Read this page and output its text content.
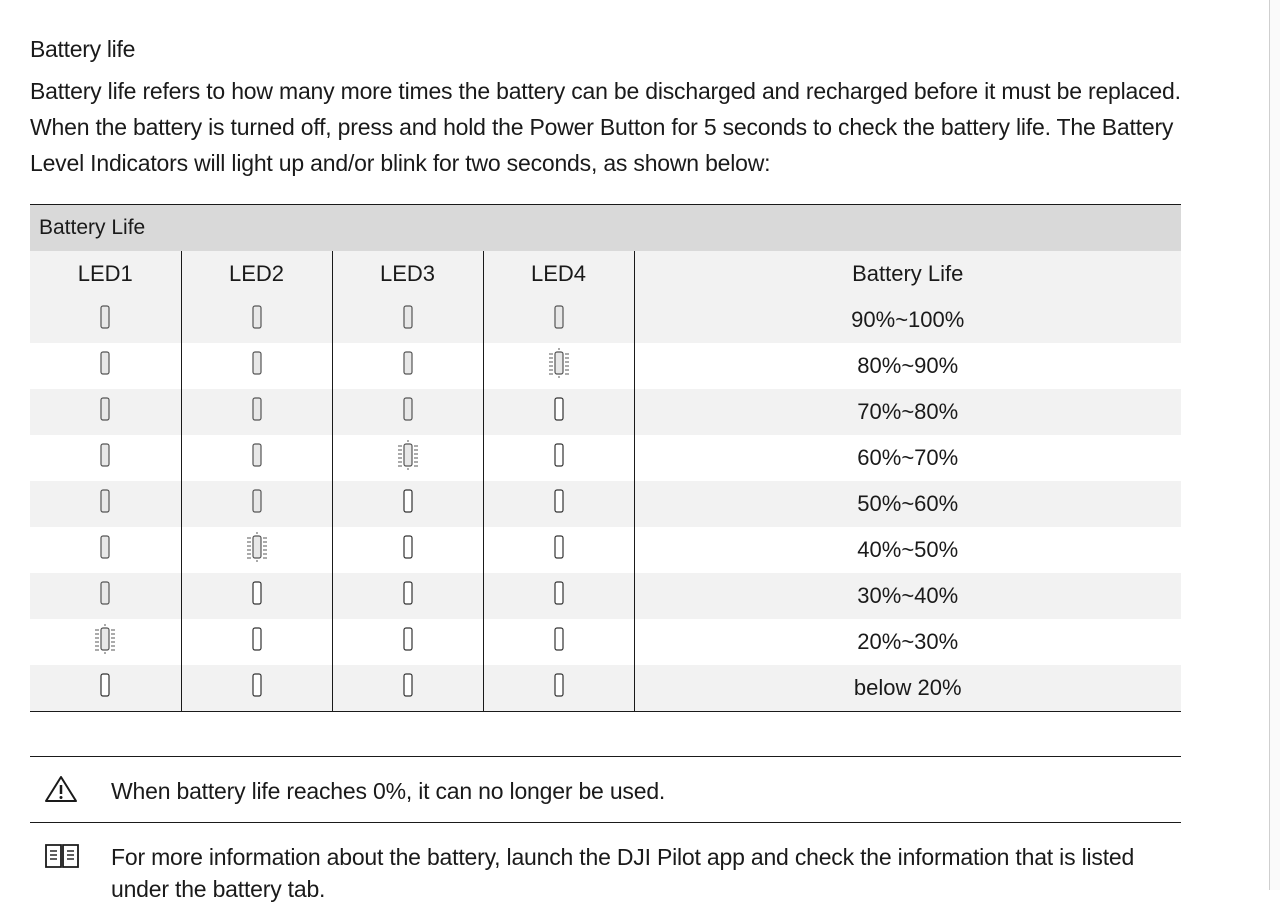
Battery life

Battery life refers to how many more times the battery can be discharged and recharged before it must be replaced. When the battery is turned off, press and hold the Power Button for 5 seconds to check the battery life. The Battery Level Indicators will light up and/or blink for two seconds, as shown below:

Battery Life				
LED1	LED2	LED3	LED4	Battery Life
				90%~100%
				80%~90%
				70%~80%
				60%~70%
				50%~60%
				40%~50%
				30%~40%
				20%~30%
				below 20%
When battery life reaches 0%, it can no longer be used.
For more information about the battery, launch the DJI Pilot app and check the information that is listed under the battery tab.
